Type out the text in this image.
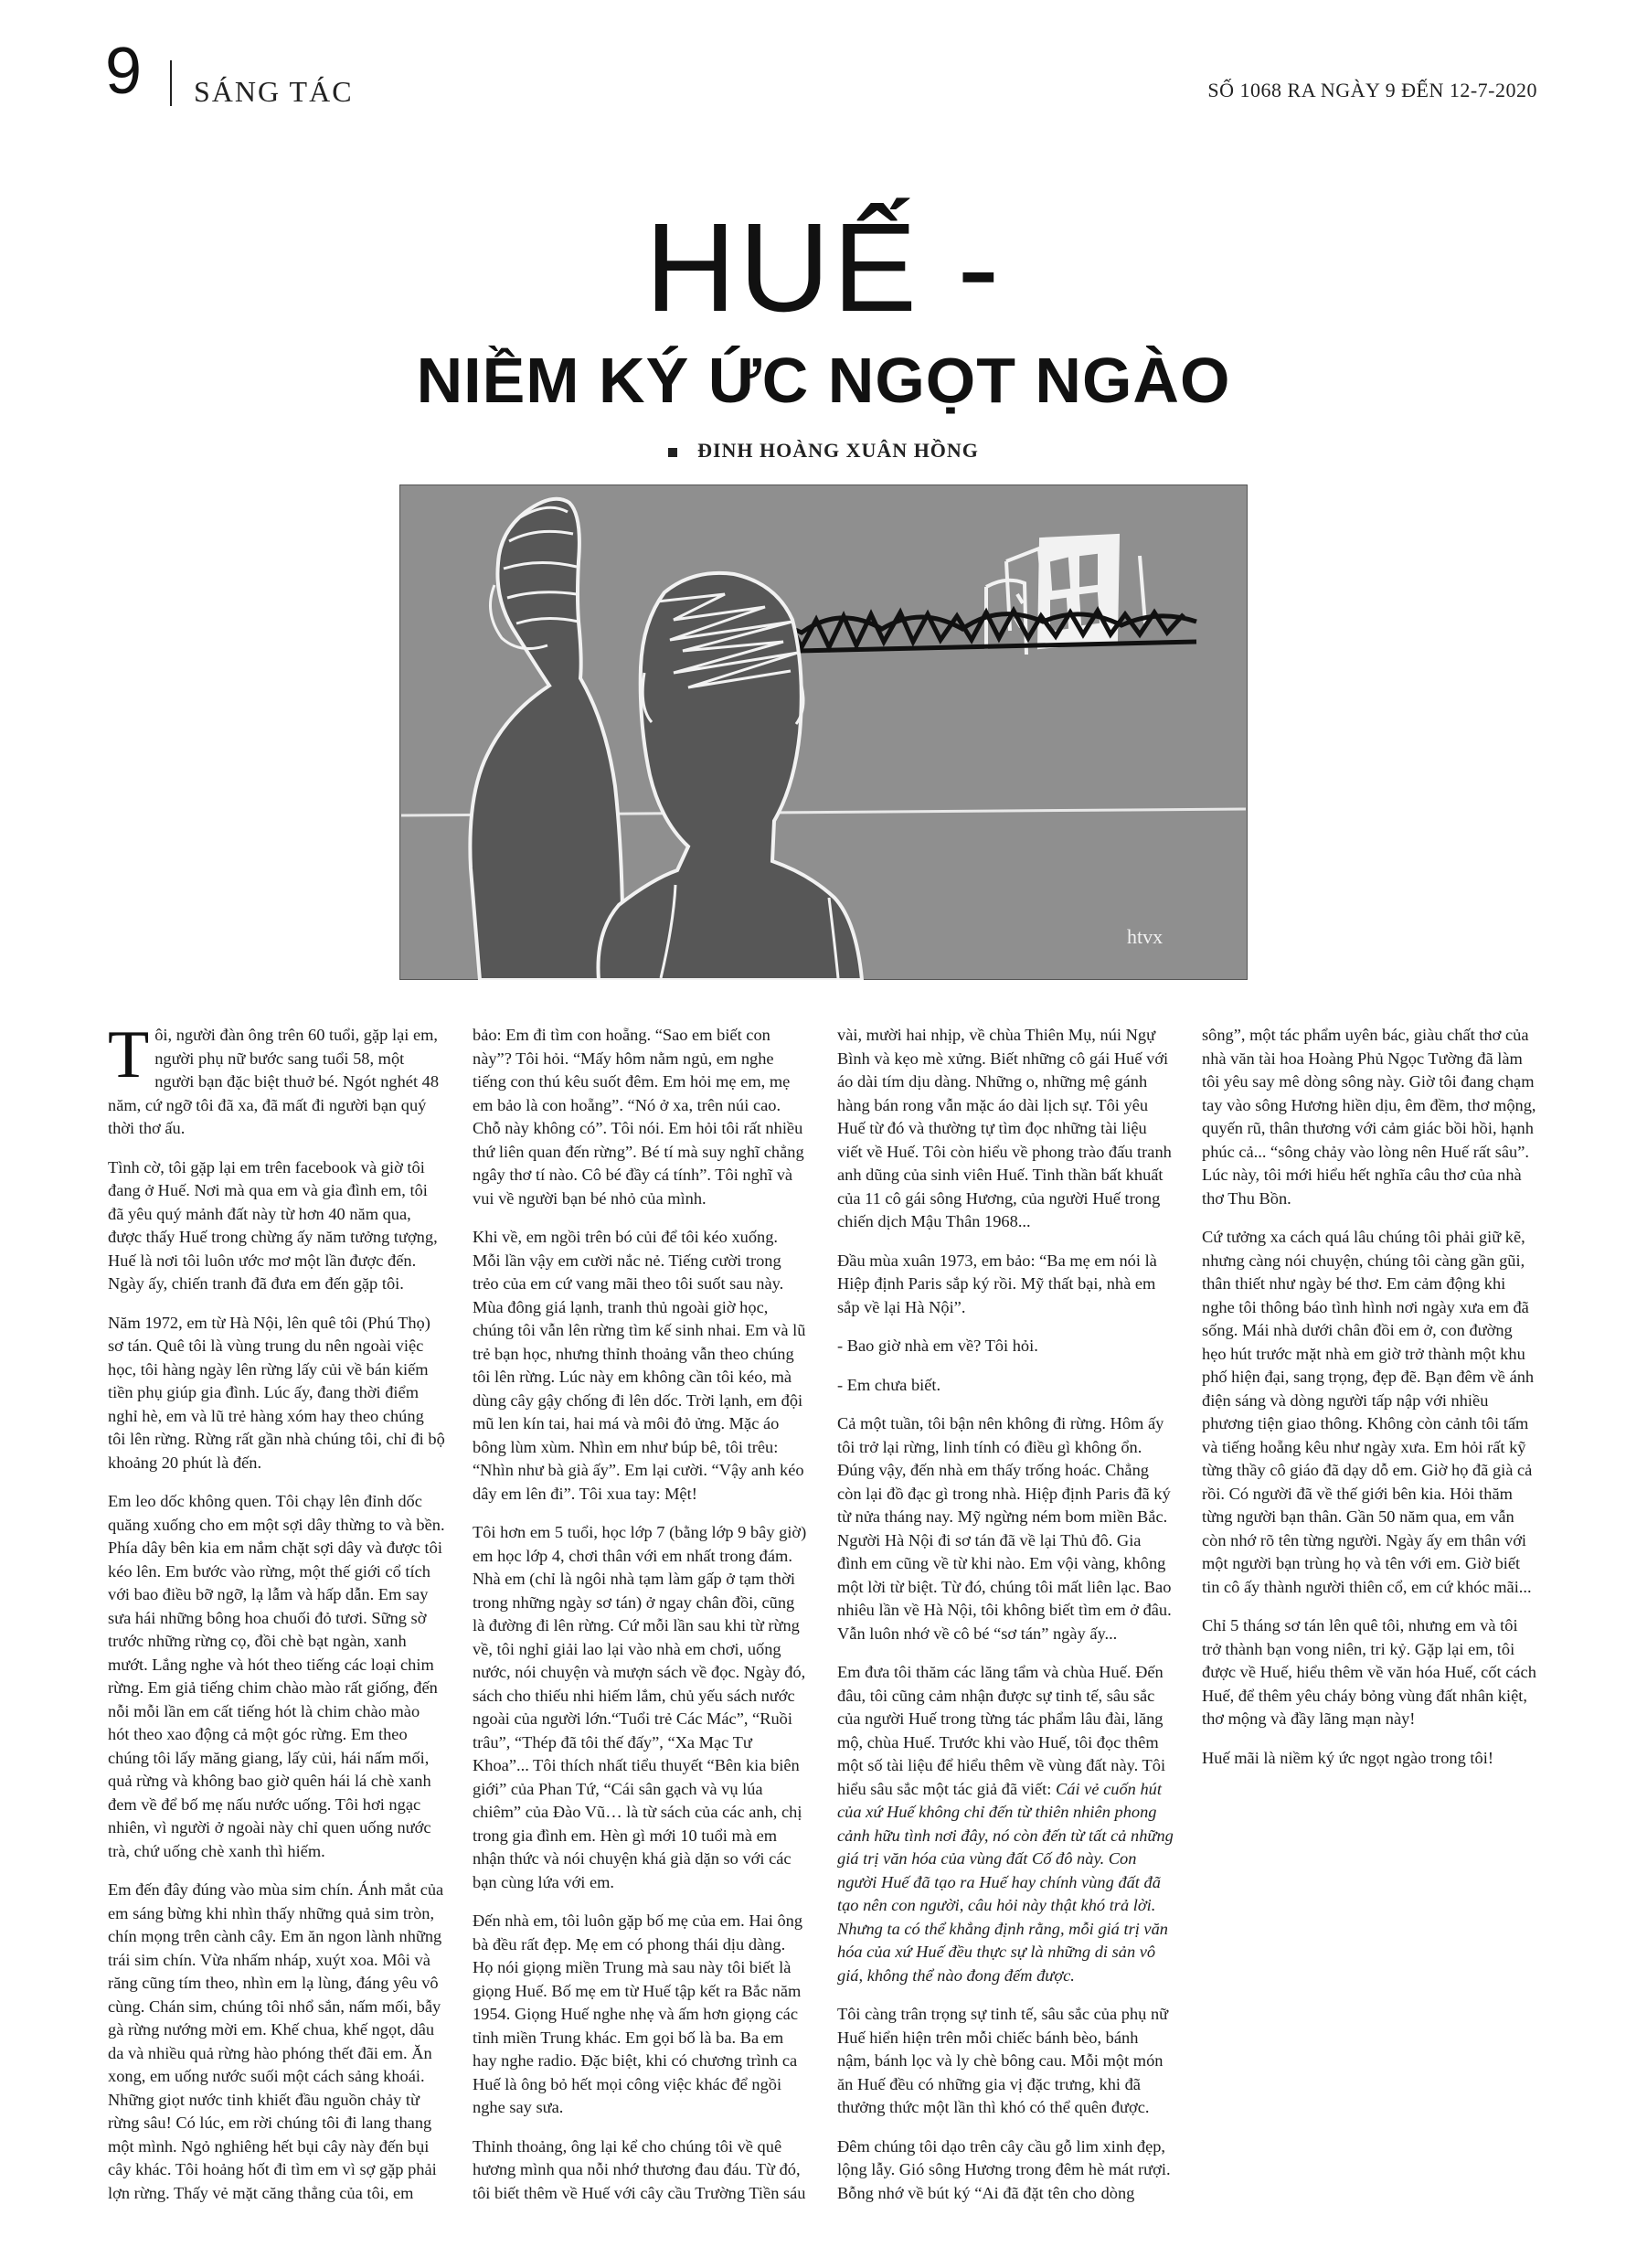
9 SÁNG TÁC	SỐ 1068 RA NGÀY 9 ĐẾN 12-7-2020
HUẾ -
NIỀM KÝ ỨC NGỌT NGÀO
ĐINH HOÀNG XUÂN HỒNG
htvx

Tôi, người đàn ông trên 60 tuổi, gặp lại em, người phụ nữ bước sang tuổi 58, một người bạn đặc biệt thuở bé. Ngót nghét 48 năm, cứ ngỡ tôi đã xa, đã mất đi người bạn quý thời thơ ấu.

Tình cờ, tôi gặp lại em trên facebook và giờ tôi đang ở Huế. Nơi mà qua em và gia đình em, tôi đã yêu quý mảnh đất này từ hơn 40 năm qua, được thấy Huế trong chừng ấy năm tưởng tượng, Huế là nơi tôi luôn ước mơ một lần được đến. Ngày ấy, chiến tranh đã đưa em đến gặp tôi.

Năm 1972, em từ Hà Nội, lên quê tôi (Phú Thọ) sơ tán. Quê tôi là vùng trung du nên ngoài việc học, tôi hàng ngày lên rừng lấy củi về bán kiếm tiền phụ giúp gia đình. Lúc ấy, đang thời điểm nghỉ hè, em và lũ trẻ hàng xóm hay theo chúng tôi lên rừng. Rừng rất gần nhà chúng tôi, chỉ đi bộ khoảng 20 phút là đến.

Em leo dốc không quen. Tôi chạy lên đỉnh dốc quăng xuống cho em một sợi dây thừng to và bền. Phía dây bên kia em nắm chặt sợi dây và được tôi kéo lên. Em bước vào rừng, một thế giới cổ tích với bao điều bỡ ngỡ, lạ lẫm và hấp dẫn. Em say sưa hái những bông hoa chuối đỏ tươi. Sững sờ trước những rừng cọ, đồi chè bạt ngàn, xanh mướt. Lắng nghe và hót theo tiếng các loại chim rừng. Em giả tiếng chim chào mào rất giống, đến nỗi mỗi lần em cất tiếng hót là chim chào mào hót theo xao động cả một góc rừng. Em theo chúng tôi lấy măng giang, lấy củi, hái nấm mối, quả rừng và không bao giờ quên hái lá chè xanh đem về để bố mẹ nấu nước uống. Tôi hơi ngạc nhiên, vì người ở ngoài này chỉ quen uống nước trà, chứ uống chè xanh thì hiếm.

Em đến đây đúng vào mùa sim chín. Ánh mắt của em sáng bừng khi nhìn thấy những quả sim tròn, chín mọng trên cành cây. Em ăn ngon lành những trái sim chín. Vừa nhấm nháp, xuýt xoa. Môi và răng cũng tím theo, nhìn em lạ lùng, đáng yêu vô cùng. Chán sim, chúng tôi nhổ sắn, nấm mối, bẫy gà rừng nướng mời em. Khế chua, khế ngọt, dâu da và nhiều quả rừng hào phóng thết đãi em. Ăn xong, em uống nước suối một cách sảng khoái. Những giọt nước tinh khiết đầu nguồn chảy từ rừng sâu! Có lúc, em rời chúng tôi đi lang thang một mình. Ngỏ nghiêng hết bụi cây này đến bụi cây khác. Tôi hoảng hốt đi tìm em vì sợ gặp phải lợn rừng. Thấy vẻ mặt căng thẳng của tôi, em bảo: Em đi tìm con hoẵng. “Sao em biết con này”? Tôi hỏi. “Mấy hôm nằm ngủ, em nghe tiếng con thú kêu suốt đêm. Em hỏi mẹ em, mẹ em bảo là con hoẵng”. “Nó ở xa, trên núi cao. Chỗ này không có”. Tôi nói. Em hỏi tôi rất nhiều thứ liên quan đến rừng”. Bé tí mà suy nghĩ chẳng ngây thơ tí nào. Cô bé đầy cá tính”. Tôi nghĩ và vui về người bạn bé nhỏ của mình.

Khi về, em ngồi trên bó củi để tôi kéo xuống. Mỗi lần vậy em cười nắc nẻ. Tiếng cười trong trẻo của em cứ vang mãi theo tôi suốt sau này. Mùa đông giá lạnh, tranh thủ ngoài giờ học, chúng tôi vẫn lên rừng tìm kế sinh nhai. Em và lũ trẻ bạn học, nhưng thỉnh thoảng vẫn theo chúng tôi lên rừng. Lúc này em không cần tôi kéo, mà dùng cây gậy chống đi lên dốc. Trời lạnh, em đội mũ len kín tai, hai má và môi đỏ ửng. Mặc áo bông lùm xùm. Nhìn em như búp bê, tôi trêu: “Nhìn như bà già ấy”. Em lại cười. “Vậy anh kéo dây em lên đi”. Tôi xua tay: Mệt!

Tôi hơn em 5 tuổi, học lớp 7 (bằng lớp 9 bây giờ) em học lớp 4, chơi thân với em nhất trong đám. Nhà em (chỉ là ngôi nhà tạm làm gấp ở tạm thời trong những ngày sơ tán) ở ngay chân đồi, cũng là đường đi lên rừng. Cứ mỗi lần sau khi từ rừng về, tôi nghỉ giải lao lại vào nhà em chơi, uống nước, nói chuyện và mượn sách về đọc. Ngày đó, sách cho thiếu nhi hiếm lắm, chủ yếu sách nước ngoài của người lớn.“Tuổi trẻ Các Mác”, “Ruồi trâu”, “Thép đã tôi thế đấy”, “Xa Mạc Tư Khoa”... Tôi thích nhất tiểu thuyết “Bên kia biên giới” của Phan Tứ, “Cái sân gạch và vụ lúa chiêm” của Đào Vũ… là từ sách của các anh, chị trong gia đình em. Hèn gì mới 10 tuổi mà em nhận thức và nói chuyện khá già dặn so với các bạn cùng lứa với em.

Đến nhà em, tôi luôn gặp bố mẹ của em. Hai ông bà đều rất đẹp. Mẹ em có phong thái dịu dàng. Họ nói giọng miền Trung mà sau này tôi biết là giọng Huế. Bố mẹ em từ Huế tập kết ra Bắc năm 1954. Giọng Huế nghe nhẹ và ấm hơn giọng các tỉnh miền Trung khác. Em gọi bố là ba. Ba em hay nghe radio. Đặc biệt, khi có chương trình ca Huế là ông bỏ hết mọi công việc khác để ngồi nghe say sưa.

Thỉnh thoảng, ông lại kể cho chúng tôi về quê hương mình qua nỗi nhớ thương đau đáu. Từ đó, tôi biết thêm về Huế với cây cầu Trường Tiền sáu vài, mười hai nhịp, về chùa Thiên Mụ, núi Ngự Bình và kẹo mè xửng. Biết những cô gái Huế với áo dài tím dịu dàng. Những o, những mệ gánh hàng bán rong vẫn mặc áo dài lịch sự. Tôi yêu Huế từ đó và thường tự tìm đọc những tài liệu viết về Huế. Tôi còn hiểu về phong trào đấu tranh anh dũng của sinh viên Huế. Tinh thần bất khuất của 11 cô gái sông Hương, của người Huế trong chiến dịch Mậu Thân 1968...

Đầu mùa xuân 1973, em bảo: “Ba mẹ em nói là Hiệp định Paris sắp ký rồi. Mỹ thất bại, nhà em sắp về lại Hà Nội”.

- Bao giờ nhà em về? Tôi hỏi.

- Em chưa biết.

Cả một tuần, tôi bận nên không đi rừng. Hôm ấy tôi trở lại rừng, linh tính có điều gì không ổn. Đúng vậy, đến nhà em thấy trống hoác. Chẳng còn lại đồ đạc gì trong nhà. Hiệp định Paris đã ký từ nửa tháng nay. Mỹ ngừng ném bom miền Bắc. Người Hà Nội đi sơ tán đã về lại Thủ đô. Gia đình em cũng về từ khi nào. Em vội vàng, không một lời từ biệt. Từ đó, chúng tôi mất liên lạc. Bao nhiêu lần về Hà Nội, tôi không biết tìm em ở đâu. Vẫn luôn nhớ về cô bé “sơ tán” ngày ấy...

Em đưa tôi thăm các lăng tẩm và chùa Huế. Đến đâu, tôi cũng cảm nhận được sự tinh tế, sâu sắc của người Huế trong từng tác phẩm lâu đài, lăng mộ, chùa Huế. Trước khi vào Huế, tôi đọc thêm một số tài liệu để hiểu thêm về vùng đất này. Tôi hiểu sâu sắc một tác giả đã viết: Cái vẻ cuốn hút của xứ Huế không chỉ đến từ thiên nhiên phong cảnh hữu tình nơi đây, nó còn đến từ tất cả những giá trị văn hóa của vùng đất Cố đô này. Con người Huế đã tạo ra Huế hay chính vùng đất đã tạo nên con người, câu hỏi này thật khó trả lời. Nhưng ta có thể khẳng định rằng, mỗi giá trị văn hóa của xứ Huế đều thực sự là những di sản vô giá, không thể nào đong đếm được.

Tôi càng trân trọng sự tinh tế, sâu sắc của phụ nữ Huế hiển hiện trên mỗi chiếc bánh bèo, bánh nậm, bánh lọc và ly chè bông cau. Mỗi một món ăn Huế đều có những gia vị đặc trưng, khi đã thưởng thức một lần thì khó có thể quên được.

Đêm chúng tôi dạo trên cây cầu gỗ lim xinh đẹp, lộng lẫy. Gió sông Hương trong đêm hè mát rượi. Bỗng nhớ về bút ký “Ai đã đặt tên cho dòng sông”, một tác phẩm uyên bác, giàu chất thơ của nhà văn tài hoa Hoàng Phủ Ngọc Tường đã làm tôi yêu say mê dòng sông này. Giờ tôi đang chạm tay vào sông Hương hiền dịu, êm đềm, thơ mộng, quyến rũ, thân thương với cảm giác bồi hồi, hạnh phúc cả... “sông chảy vào lòng nên Huế rất sâu”. Lúc này, tôi mới hiểu hết nghĩa câu thơ của nhà thơ Thu Bồn.

Cứ tưởng xa cách quá lâu chúng tôi phải giữ kẽ, nhưng càng nói chuyện, chúng tôi càng gần gũi, thân thiết như ngày bé thơ. Em cảm động khi nghe tôi thông báo tình hình nơi ngày xưa em đã sống. Mái nhà dưới chân đồi em ở, con đường hẹo hút trước mặt nhà em giờ trở thành một khu phố hiện đại, sang trọng, đẹp đẽ. Bạn đêm về ánh điện sáng và dòng người tấp nập với nhiều phương tiện giao thông. Không còn cảnh tôi tấm và tiếng hoẵng kêu như ngày xưa. Em hỏi rất kỹ từng thầy cô giáo đã dạy dỗ em. Giờ họ đã già cả rồi. Có người đã về thế giới bên kia. Hỏi thăm từng người bạn thân. Gần 50 năm qua, em vẫn còn nhớ rõ tên từng người. Ngày ấy em thân với một người bạn trùng họ và tên với em. Giờ biết tin cô ấy thành người thiên cổ, em cứ khóc mãi...

Chỉ 5 tháng sơ tán lên quê tôi, nhưng em và tôi trở thành bạn vong niên, tri kỷ. Gặp lại em, tôi được về Huế, hiểu thêm về văn hóa Huế, cốt cách Huế, để thêm yêu cháy bỏng vùng đất nhân kiệt, thơ mộng và đầy lãng mạn này!

Huế mãi là niềm ký ức ngọt ngào trong tôi!
